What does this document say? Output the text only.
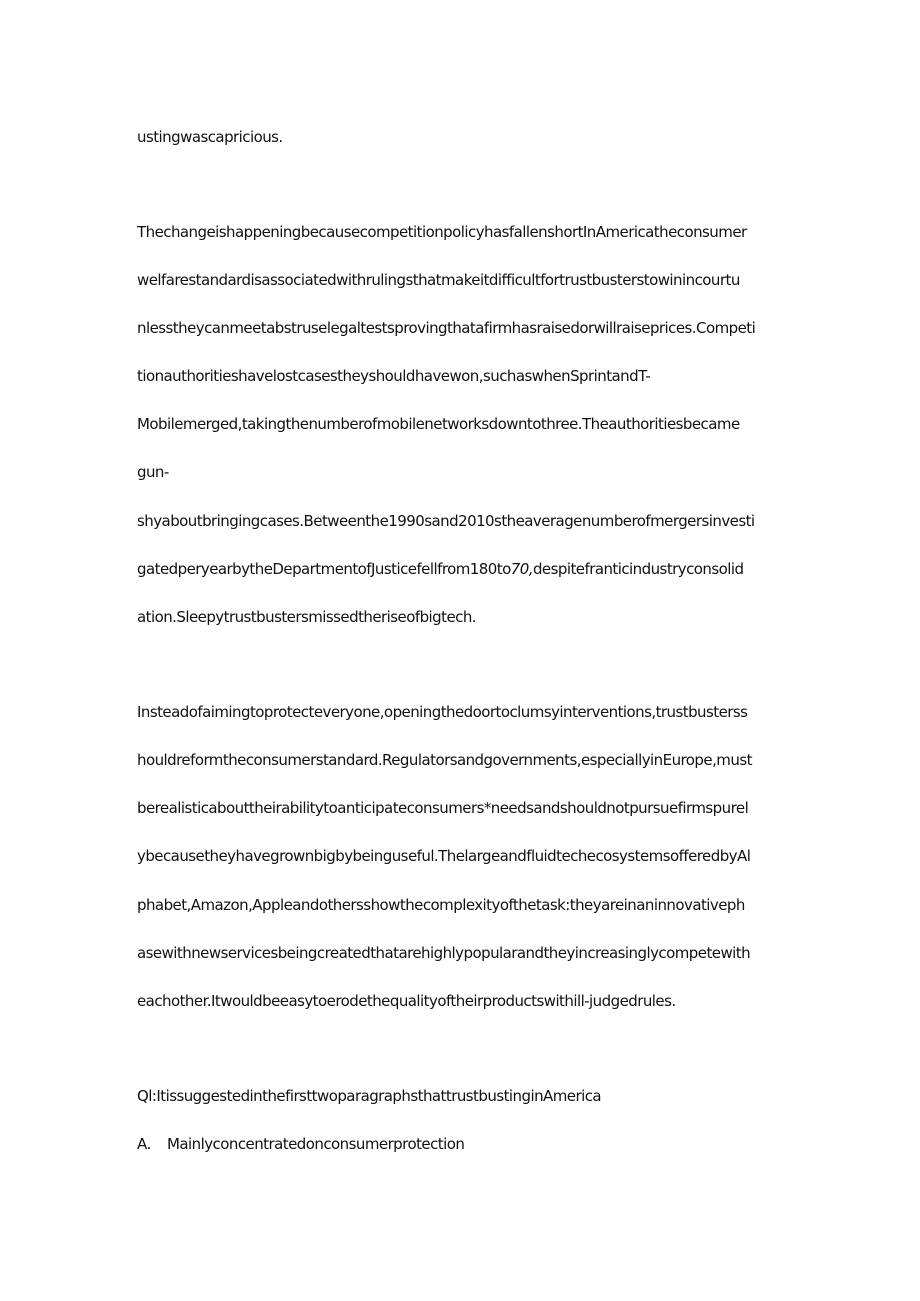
ustingwascapricious.
ThechangeishappeningbecausecompetitionpolicyhasfallenshortInAmericatheconsumer
welfarestandardisassociatedwithrulingsthatmakeitdifficultfortrustbusterstowinincourtu
nlesstheycanmeetabstruselegaltestsprovingthatafirmhasraisedorwillraiseprices.Competi
tionauthoritieshavelostcasestheyshouldhavewon,suchaswhenSprintandT-
Mobilemerged,takingthenumberofmobilenetworksdowntothree.Theauthoritiesbecame
gun-
shyaboutbringingcases.Betweenthe1990sand2010stheaveragenumberofmergersinvesti
gatedperyearbytheDepartmentofJusticefellfrom180to70,despitefranticindustryconsolid
ation.Sleepytrustbustersmissedtheriseofbigtech.
Insteadofaimingtoprotecteveryone,openingthedoortoclumsyinterventions,trustbusterss
houldreformtheconsumerstandard.Regulatorsandgovernments,especiallyinEurope,must
berealisticabouttheirabilitytoanticipateconsumers*needsandshouldnotpursuefirmspurel
ybecausetheyhavegrownbigbybeinguseful.ThelargeandfluidtechecosystemsofferedbyAl
phabet,Amazon,Appleandothersshowthecomplexityofthetask:theyareinaninnovativeph
asewithnewservicesbeingcreatedthatarehighlypopularandtheyincreasinglycompetewith
eachother.Itwouldbeeasytoerodethequalityoftheirproductswithill-judgedrules.
Ql:ItissuggestedinthefirsttwoparagraphsthattrustbustinginAmerica
A. Mainlyconcentratedonconsumerprotection
